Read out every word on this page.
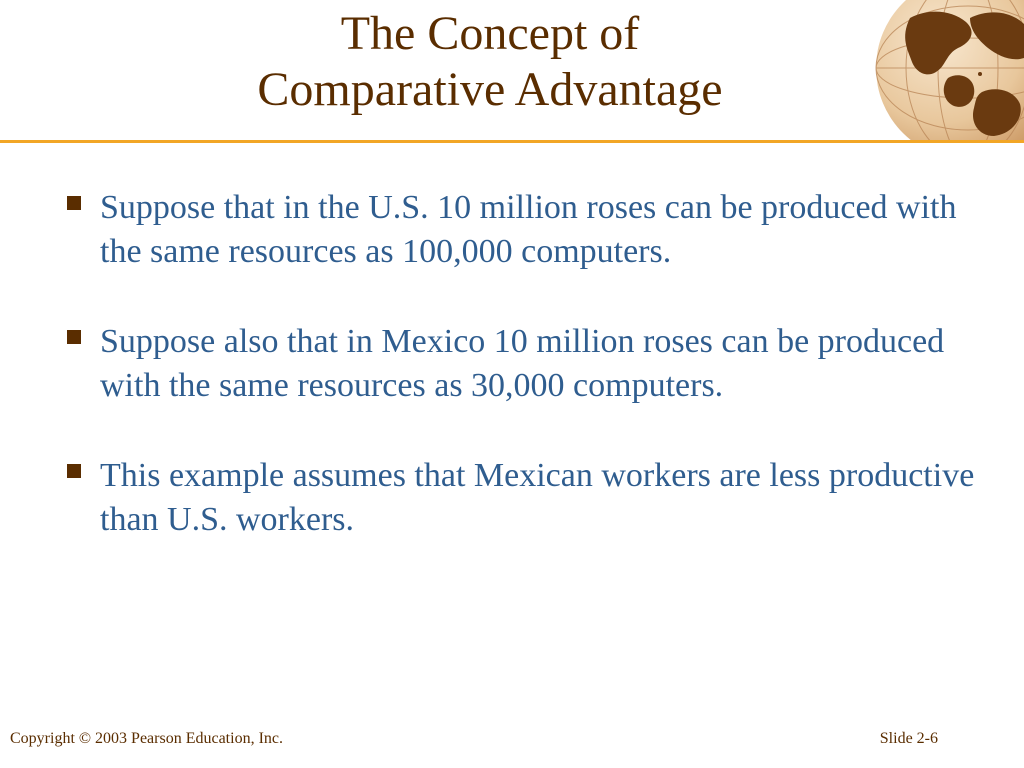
The Concept of
Comparative Advantage
Suppose that in the U.S. 10 million roses can be produced with the same resources as 100,000 computers.
Suppose also that in Mexico 10 million roses can be produced with the same resources as 30,000 computers.
This example assumes that Mexican workers are less productive than U.S. workers.
Copyright © 2003 Pearson Education, Inc.	Slide 2-6
